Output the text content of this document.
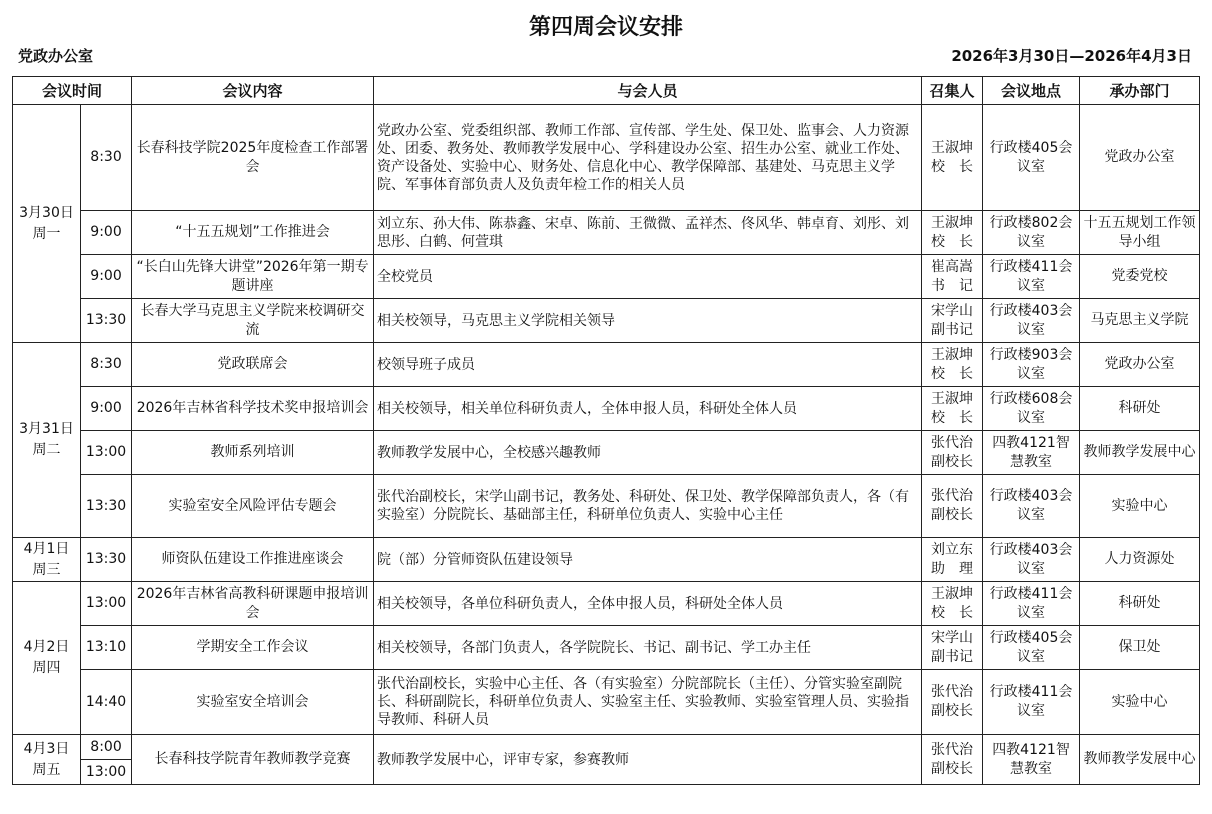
第四周会议安排
党政办公室	2026年3月30日—2026年4月3日
会议时间		会议内容	与会人员	召集人	会议地点	承办部门

3月30日
周一	8:30	长春科技学院2025年度检查工作部署会	党政办公室、党委组织部、教师工作部、宣传部、学生处、保卫处、监事会、人力资源处、团委、教务处、教师教学发展中心、学科建设办公室、招生办公室、就业工作处、资产设备处、实验中心、财务处、信息化中心、教学保障部、基建处、马克思主义学院、军事体育部负责人及负责年检工作的相关人员	王淑坤校　长	行政楼405会议室	党政办公室
	9:00	“十五五规划”工作推进会	刘立东、孙大伟、陈恭鑫、宋卓、陈前、王微微、孟祥杰、佟风华、韩卓育、刘彤、刘思彤、白鹤、何萱琪	王淑坤校　长	行政楼802会议室	十五五规划工作领导小组
	9:00	“长白山先锋大讲堂”2026年第一期专题讲座	全校党员	崔高嵩书　记	行政楼411会议室	党委党校
	13:30	长春大学马克思主义学院来校调研交流	相关校领导，马克思主义学院相关领导	宋学山副书记	行政楼403会议室	马克思主义学院

3月31日
周二	8:30	党政联席会	校领导班子成员	王淑坤校　长	行政楼903会议室	党政办公室
	9:00	2026年吉林省科学技术奖申报培训会	相关校领导，相关单位科研负责人，全体申报人员，科研处全体人员	王淑坤校　长	行政楼608会议室	科研处
	13:00	教师系列培训	教师教学发展中心，全校感兴趣教师	张代治副校长	四教4121智慧教室	教师教学发展中心
	13:30	实验室安全风险评估专题会	张代治副校长，宋学山副书记，教务处、科研处、保卫处、教学保障部负责人，各（有实验室）分院院长、基础部主任，科研单位负责人、实验中心主任	张代治副校长	行政楼403会议室	实验中心

4月1日
周三	13:30	师资队伍建设工作推进座谈会	院（部）分管师资队伍建设领导	刘立东助　理	行政楼403会议室	人力资源处

4月2日
周四	13:00	2026年吉林省高教科研课题申报培训会	相关校领导，各单位科研负责人，全体申报人员，科研处全体人员	王淑坤校　长	行政楼411会议室	科研处
	13:10	学期安全工作会议	相关校领导，各部门负责人，各学院院长、书记、副书记、学工办主任	宋学山副书记	行政楼405会议室	保卫处
	14:40	实验室安全培训会	张代治副校长，实验中心主任、各（有实验室）分院部院长（主任）、分管实验室副院长、科研副院长，科研单位负责人、实验室主任、实验教师、实验室管理人员、实验指导教师、科研人员	张代治副校长	行政楼411会议室	实验中心

4月3日
周五	8:00	长春科技学院青年教师教学竞赛	教师教学发展中心，评审专家，参赛教师	张代治副校长	四教4121智慧教室	教师教学发展中心
	13:00					
